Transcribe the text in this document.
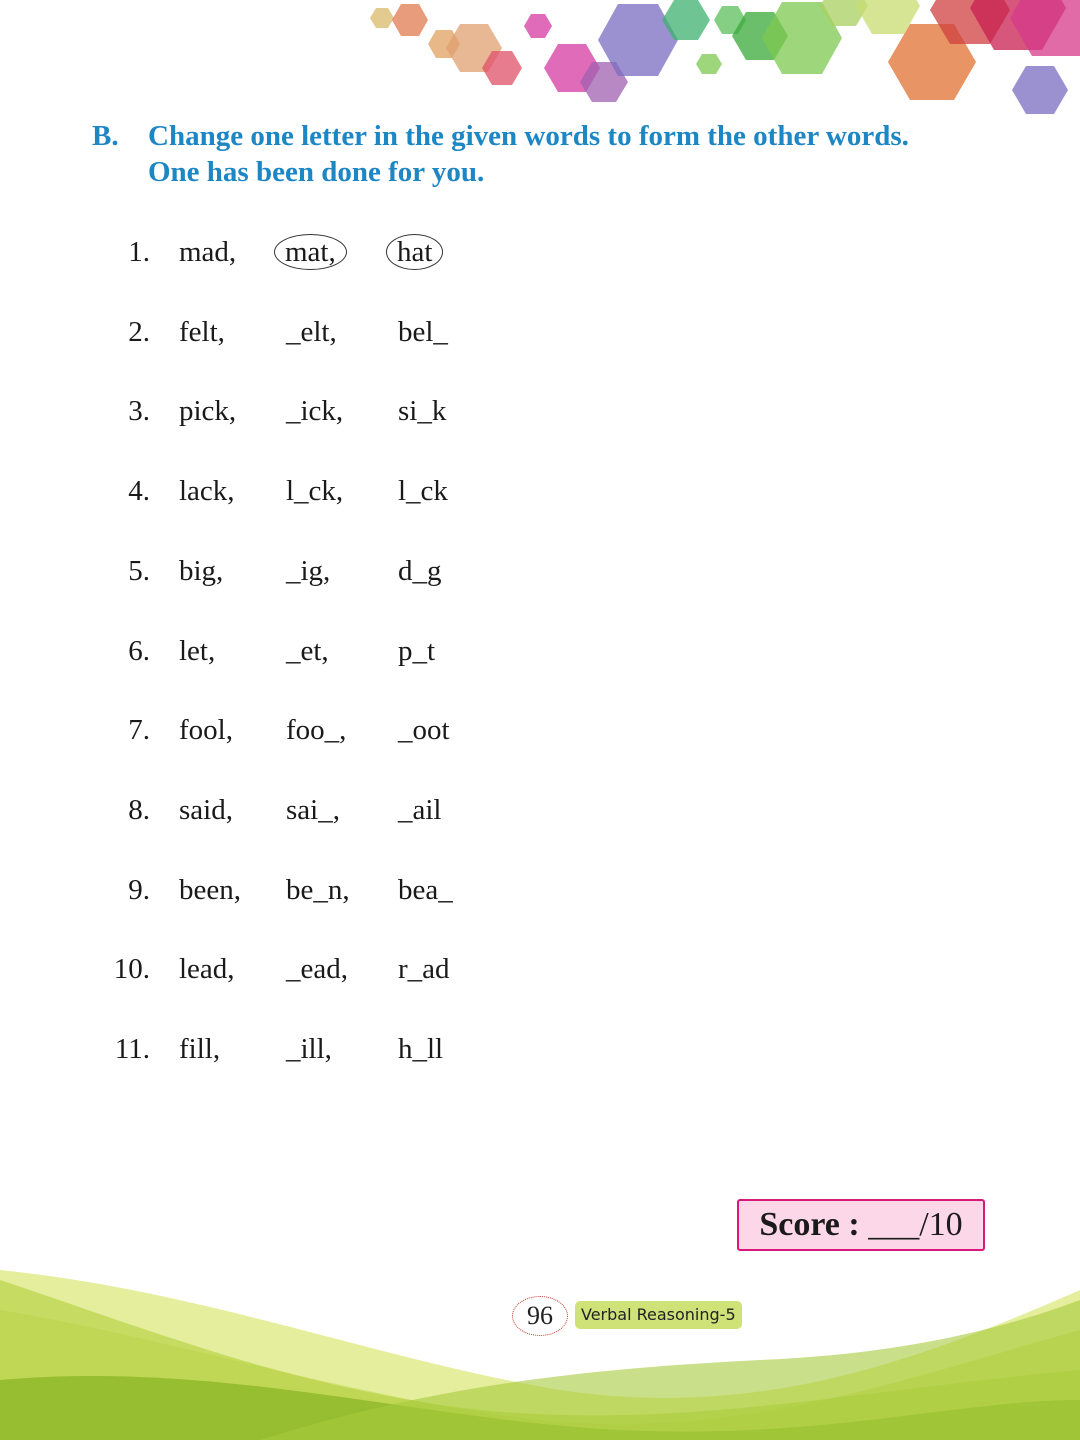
B. Change one letter in the given words to form the other words.
One has been done for you.
1. mad,	mat,	hat
2. felt, _elt, bel_
3. pick, _ick, si_k
4. lack, l_ck, l_ck
5. big, _ig, d_g
6. let, _et, p_t
7. fool, foo_, _oot
8. said, sai_, _ail
9. been, be_n, bea_
10. lead, _ead, r_ad
11. fill, _ill, h_ll
Score : ___/10
96	Verbal Reasoning-5
